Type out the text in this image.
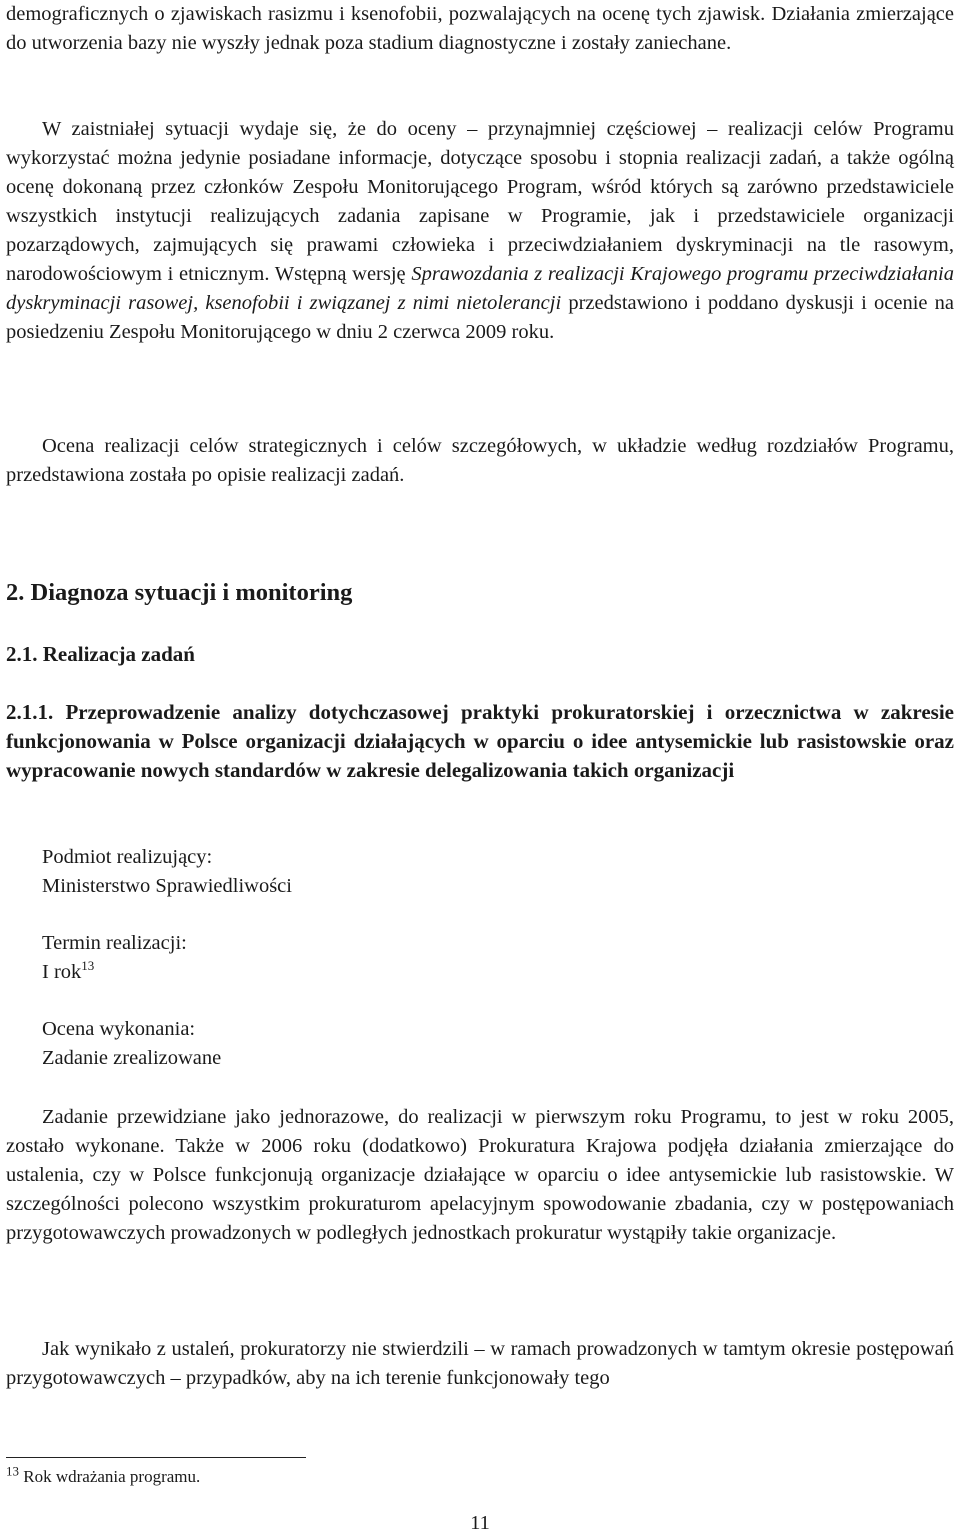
demograficznych o zjawiskach rasizmu i ksenofobii, pozwalających na ocenę tych zjawisk. Działania zmierzające do utworzenia bazy nie wyszły jednak poza stadium diagnostyczne i zostały zaniechane.

W zaistniałej sytuacji wydaje się, że do oceny – przynajmniej częściowej – realizacji celów Programu wykorzystać można jedynie posiadane informacje, dotyczące sposobu i stopnia realizacji zadań, a także ogólną ocenę dokonaną przez członków Zespołu Monitorującego Program, wśród których są zarówno przedstawiciele wszystkich instytucji realizujących zadania zapisane w Programie, jak i przedstawiciele organizacji pozarządowych, zajmujących się prawami człowieka i przeciwdziałaniem dyskryminacji na tle rasowym, narodowościowym i etnicznym. Wstępną wersję Sprawozdania z realizacji Krajowego programu przeciwdziałania dyskryminacji rasowej, ksenofobii i związanej z nimi nietolerancji przedstawiono i poddano dyskusji i ocenie na posiedzeniu Zespołu Monitorującego w dniu 2 czerwca 2009 roku.

Ocena realizacji celów strategicznych i celów szczegółowych, w układzie według rozdziałów Programu, przedstawiona została po opisie realizacji zadań.

2. Diagnoza sytuacji i monitoring
2.1. Realizacja zadań
2.1.1. Przeprowadzenie analizy dotychczasowej praktyki prokuratorskiej i orzecznictwa w zakresie funkcjonowania w Polsce organizacji działających w oparciu o idee antysemickie lub rasistowskie oraz wypracowanie nowych standardów w zakresie delegalizowania takich organizacji

Podmiot realizujący:

Ministerstwo Sprawiedliwości

Termin realizacji:

I rok$^{13}$

Ocena wykonania:

Zadanie zrealizowane

Zadanie przewidziane jako jednorazowe, do realizacji w pierwszym roku Programu, to jest w roku 2005, zostało wykonane. Także w 2006 roku (dodatkowo) Prokuratura Krajowa podjęła działania zmierzające do ustalenia, czy w Polsce funkcjonują organizacje działające w oparciu o idee antysemickie lub rasistowskie. W szczególności polecono wszystkim prokuraturom apelacyjnym spowodowanie zbadania, czy w postępowaniach przygotowawczych prowadzonych w podległych jednostkach prokuratur wystąpiły takie organizacje.

Jak wynikało z ustaleń, prokuratorzy nie stwierdzili – w ramach prowadzonych w tamtym okresie postępowań przygotowawczych – przypadków, aby na ich terenie funkcjonowały tego

$^{13}$ Rok wdrażania programu.
11
